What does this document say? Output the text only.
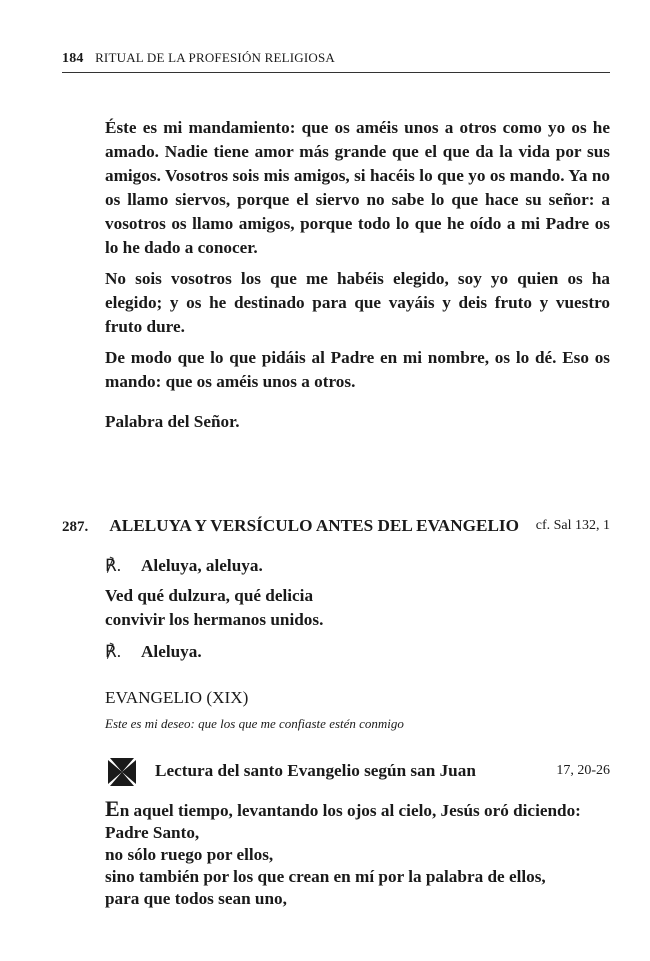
184 RITUAL DE LA PROFESIÓN RELIGIOSA

Éste es mi mandamiento: que os améis unos a otros como yo os he amado. Nadie tiene amor más grande que el que da la vida por sus amigos. Vosotros sois mis amigos, si hacéis lo que yo os mando. Ya no os llamo siervos, porque el siervo no sabe lo que hace su señor: a vosotros os llamo amigos, porque todo lo que he oído a mi Padre os lo he dado a conocer.

No sois vosotros los que me habéis elegido, soy yo quien os ha elegido; y os he destinado para que vayáis y deis fruto y vuestro fruto dure.

De modo que lo que pidáis al Padre en mi nombre, os lo dé. Eso os mando: que os améis unos a otros.

Palabra del Señor.

287. ALELUYA Y VERSÍCULO ANTES DEL EVANGELIO cf. Sal 132, 1
℟. Aleluya, aleluya.
Ved qué dulzura, qué delicia
convivir los hermanos unidos.
℟. Aleluya.
EVANGELIO (XIX)
Este es mi deseo: que los que me confiaste estén conmigo
Lectura del santo Evangelio según san Juan	17, 20-26
En aquel tiempo, levantando los ojos al cielo, Jesús oró diciendo:
Padre Santo,
no sólo ruego por ellos,
sino también por los que crean en mí por la palabra de ellos,
para que todos sean uno,
